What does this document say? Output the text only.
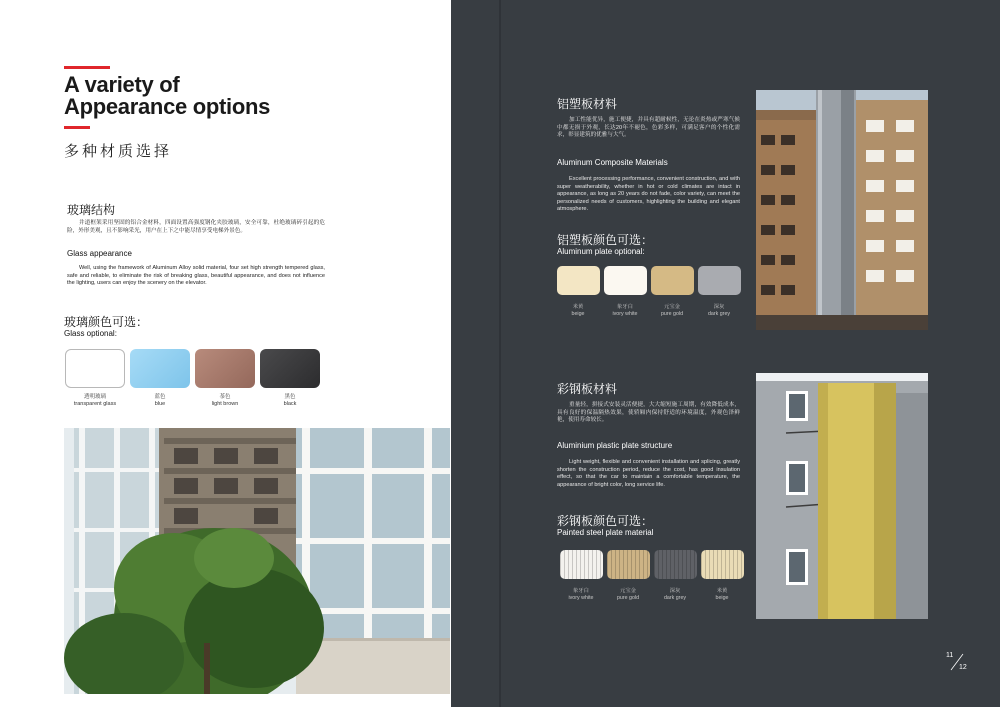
A variety of
Appearance options
多种材质选择
玻璃结构
井道框架采用坚固的铝合金材料，四面设置高强度钢化夹胶玻璃，安全可靠，杜绝玻璃碎引起的危险，外形美观，且不影响采光，用户在上下之中能尽情享受电梯外景色。
Glass appearance
Well, using the framework of Aluminum Alloy solid material, four set high strength tempered glass, safe and reliable, to eliminate the risk of breaking glass, beautiful appearance, and does not influence the lighting, users can enjoy the scenery on the elevator.
玻璃颜色可选：
Glass optional:
透明玻璃
transparent glass
蓝色
blue
茶色
light brown
黑色
black
铝塑板材料
加工性能优异，施工便捷，并具有超耐候性，无论在炎热或严寒气候中都无损于外观，长达20年不褪色，色彩多样，可满足客户的个性化需求，彰显建筑的优雅与大气。
Aluminum Composite Materials
Excellent processing performance, convenient construction, and with super weatherability, whether in hot or cold climates are intact in appearance, as long as 20 years do not fade, color variety, can meet the personalized needs of customers, highlighting the building and elegant atmosphere.
铝塑板颜色可选：
Aluminum plate optional:
米黄
beige
象牙白
ivory white
元宝金
pure gold
深灰
dark grey
彩钢板材料
重量轻，拼接式安装灵活便捷，大大缩短施工周期，有效降低成本，具有良好的保温隔热效果，使轿厢内保持舒适的环境温度，外观色泽鲜艳，使用寿命较长。
Aluminium plastic plate structure
Light weight, flexible and convenient installation and splicing, greatly shorten the construction period, reduce the cost, has good insulation effect, so that the car to maintain a comfortable temperature, the appearance of bright color, long service life.
彩钢板颜色可选：
Painted steel plate material
象牙白
ivory white
元宝金
pure gold
深灰
dark grey
米黄
beige
11
12
